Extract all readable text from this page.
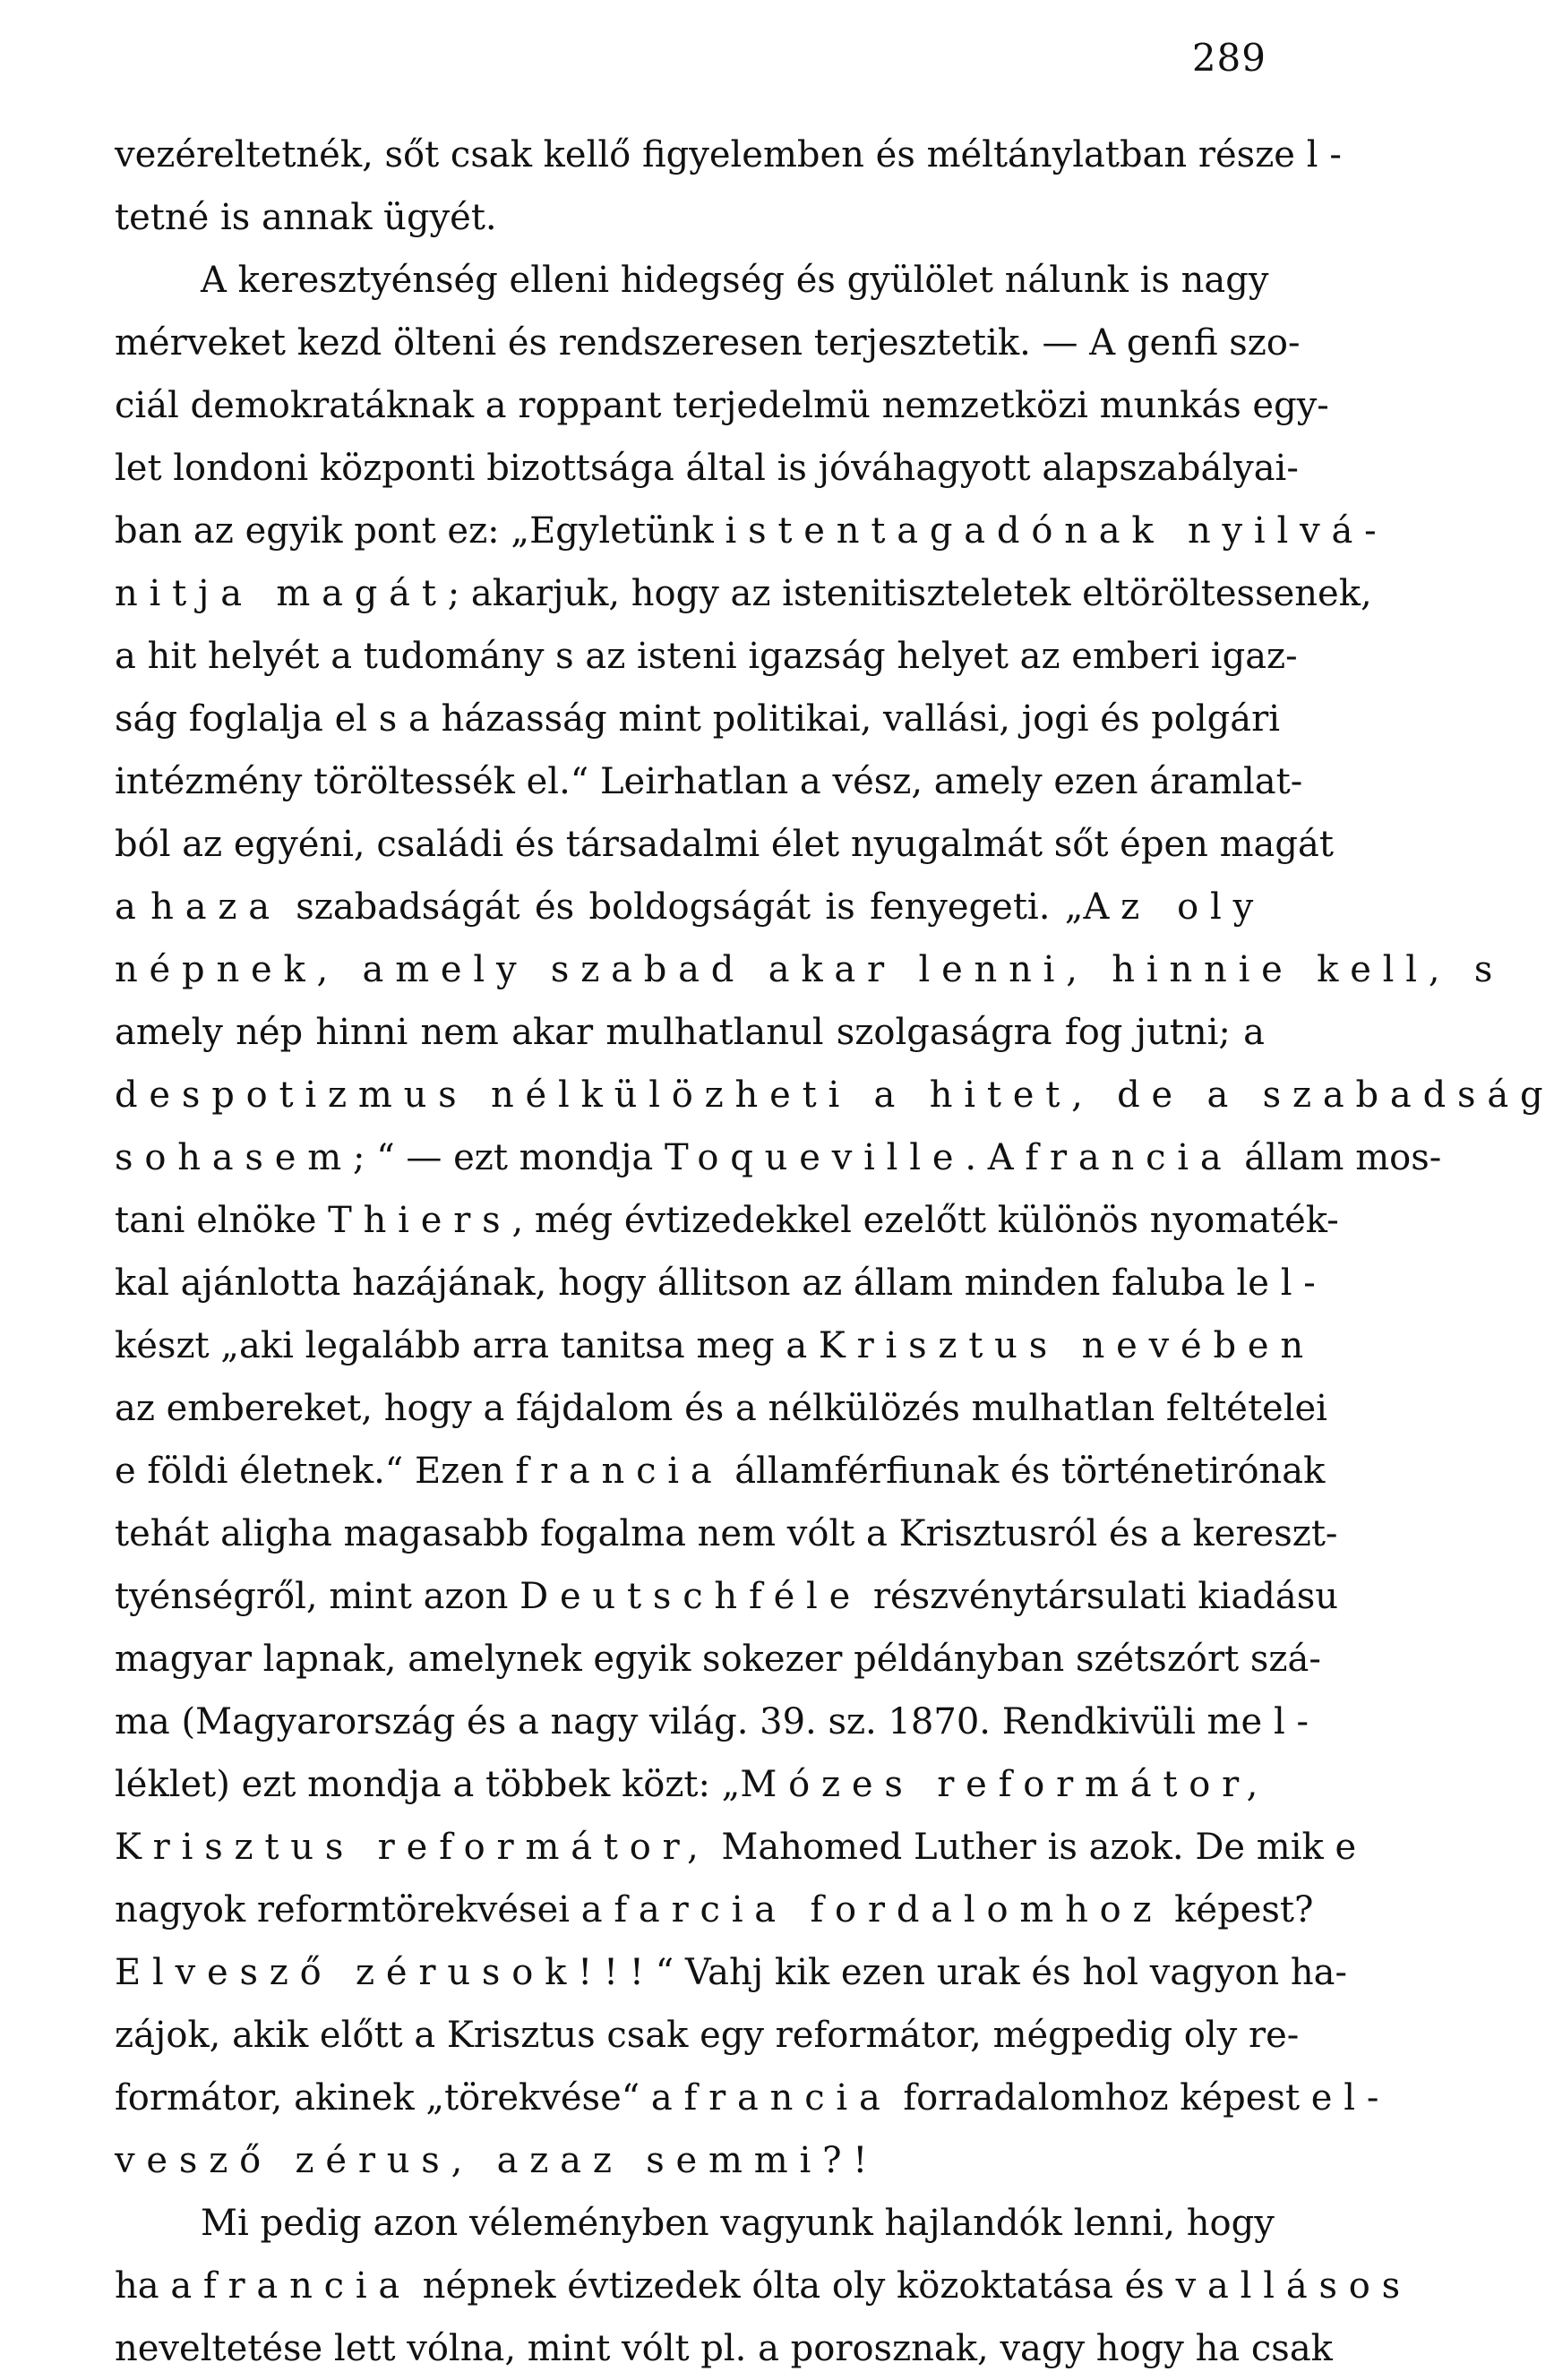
289
vezéreltetnék, sőt csak kellő figyelemben és méltánylatban részel-
tetné is annak ügyét.
A keresztyénség elleni hidegség és gyülölet nálunk is nagy
mérveket kezd ölteni és rendszeresen terjesztetik. — A genfi szo-
ciál demokratáknak a roppant terjedelmü nemzetközi munkás egy-
let londoni központi bizottsága által is jóváhagyott alapszabályai-
ban az egyik pont ez: „Egyletünk istentagadónak nyilvá-
nitja magát; akarjuk, hogy az istenitiszteletek eltöröltessenek,
a hit helyét a tudomány s az isteni igazság helyet az emberi igaz-
ság foglalja el s a házasság mint politikai, vallási, jogi és polgári
intézmény töröltessék el.“ Leirhatlan a vész, amely ezen áramlat-
ból az egyéni, családi és társadalmi élet nyugalmát sőt épen magát
a haza szabadságát és boldogságát is fenyegeti. „Az oly
népnek, amely szabad akar lenni, hinnie kell, s
amely nép hinni nem akar mulhatlanul szolgaságra fog jutni; a
despotizmus nélkülözheti a hitet, de a szabadság
sohasem;“ — ezt mondja Toqueville. A francia állam mos-
tani elnöke Thiers, még évtizedekkel ezelőtt különös nyomaték-
kal ajánlotta hazájának, hogy állitson az állam minden faluba lel-
készt „aki legalább arra tanitsa meg a Krisztus nevében
az embereket, hogy a fájdalom és a nélkülözés mulhatlan feltételei
e földi életnek.“ Ezen francia államférfiunak és történetirónak
tehát aligha magasabb fogalma nem vólt a Krisztusról és a kereszt-
tyénségről, mint azon Deutschféle részvénytársulati kiadásu
magyar lapnak, amelynek egyik sokezer példányban szétszórt szá-
ma (Magyarország és a nagy világ. 39. sz. 1870. Rendkivüli mel-
léklet) ezt mondja a többek közt: „Mózes reformátor,
Krisztus reformátor, Mahomed Luther is azok. De mik e
nagyok reformtörekvései a farcia fordalomhoz képest?
Elvesző zérusok!!!“ Vahj kik ezen urak és hol vagyon ha-
zájok, akik előtt a Krisztus csak egy reformátor, mégpedig oly re-
formátor, akinek „törekvése“ a francia forradalomhoz képest el-
vesző zérus, azaz semmi?!
Mi pedig azon véleményben vagyunk hajlandók lenni, hogy
ha a francia népnek évtizedek ólta oly közoktatása és vallásos
neveltetése lett vólna, mint vólt pl. a porosznak, vagy hogy ha csak
